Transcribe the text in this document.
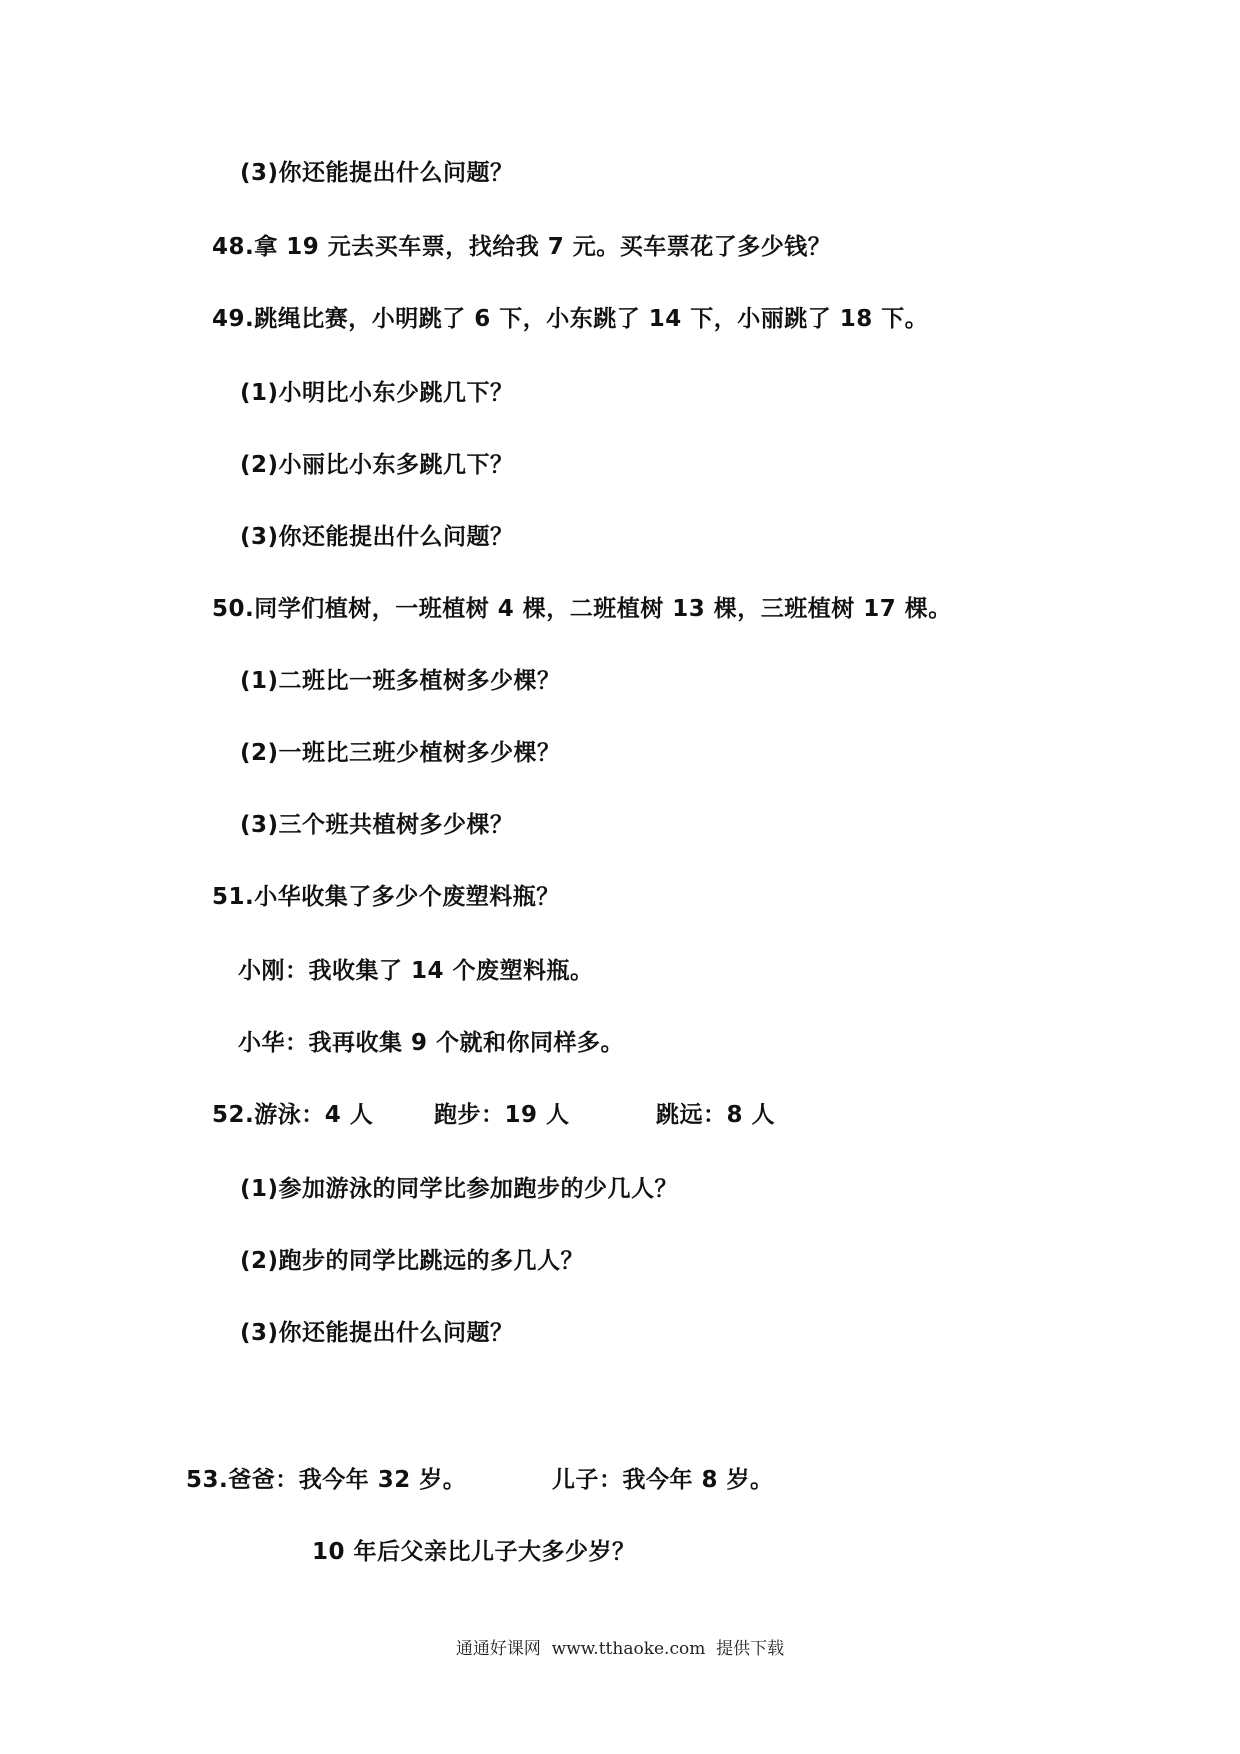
(3)你还能提出什么问题？
48.拿 19 元去买车票，找给我 7 元。买车票花了多少钱？
49.跳绳比赛，小明跳了 6 下，小东跳了 14 下，小丽跳了 18 下。
(1)小明比小东少跳几下？
(2)小丽比小东多跳几下？
(3)你还能提出什么问题？
50.同学们植树，一班植树 4 棵，二班植树 13 棵，三班植树 17 棵。
(1)二班比一班多植树多少棵？
(2)一班比三班少植树多少棵？
(3)三个班共植树多少棵？
51.小华收集了多少个废塑料瓶？
小刚：我收集了 14 个废塑料瓶。
小华：我再收集 9 个就和你同样多。
52.游泳：4 人	跑步：19 人	跳远：8 人
(1)参加游泳的同学比参加跑步的少几人？
(2)跑步的同学比跳远的多几人？
(3)你还能提出什么问题？
53.爸爸：我今年 32 岁。	儿子：我今年 8 岁。
10 年后父亲比儿子大多少岁？
通通好课网  www.tthaoke.com  提供下载
